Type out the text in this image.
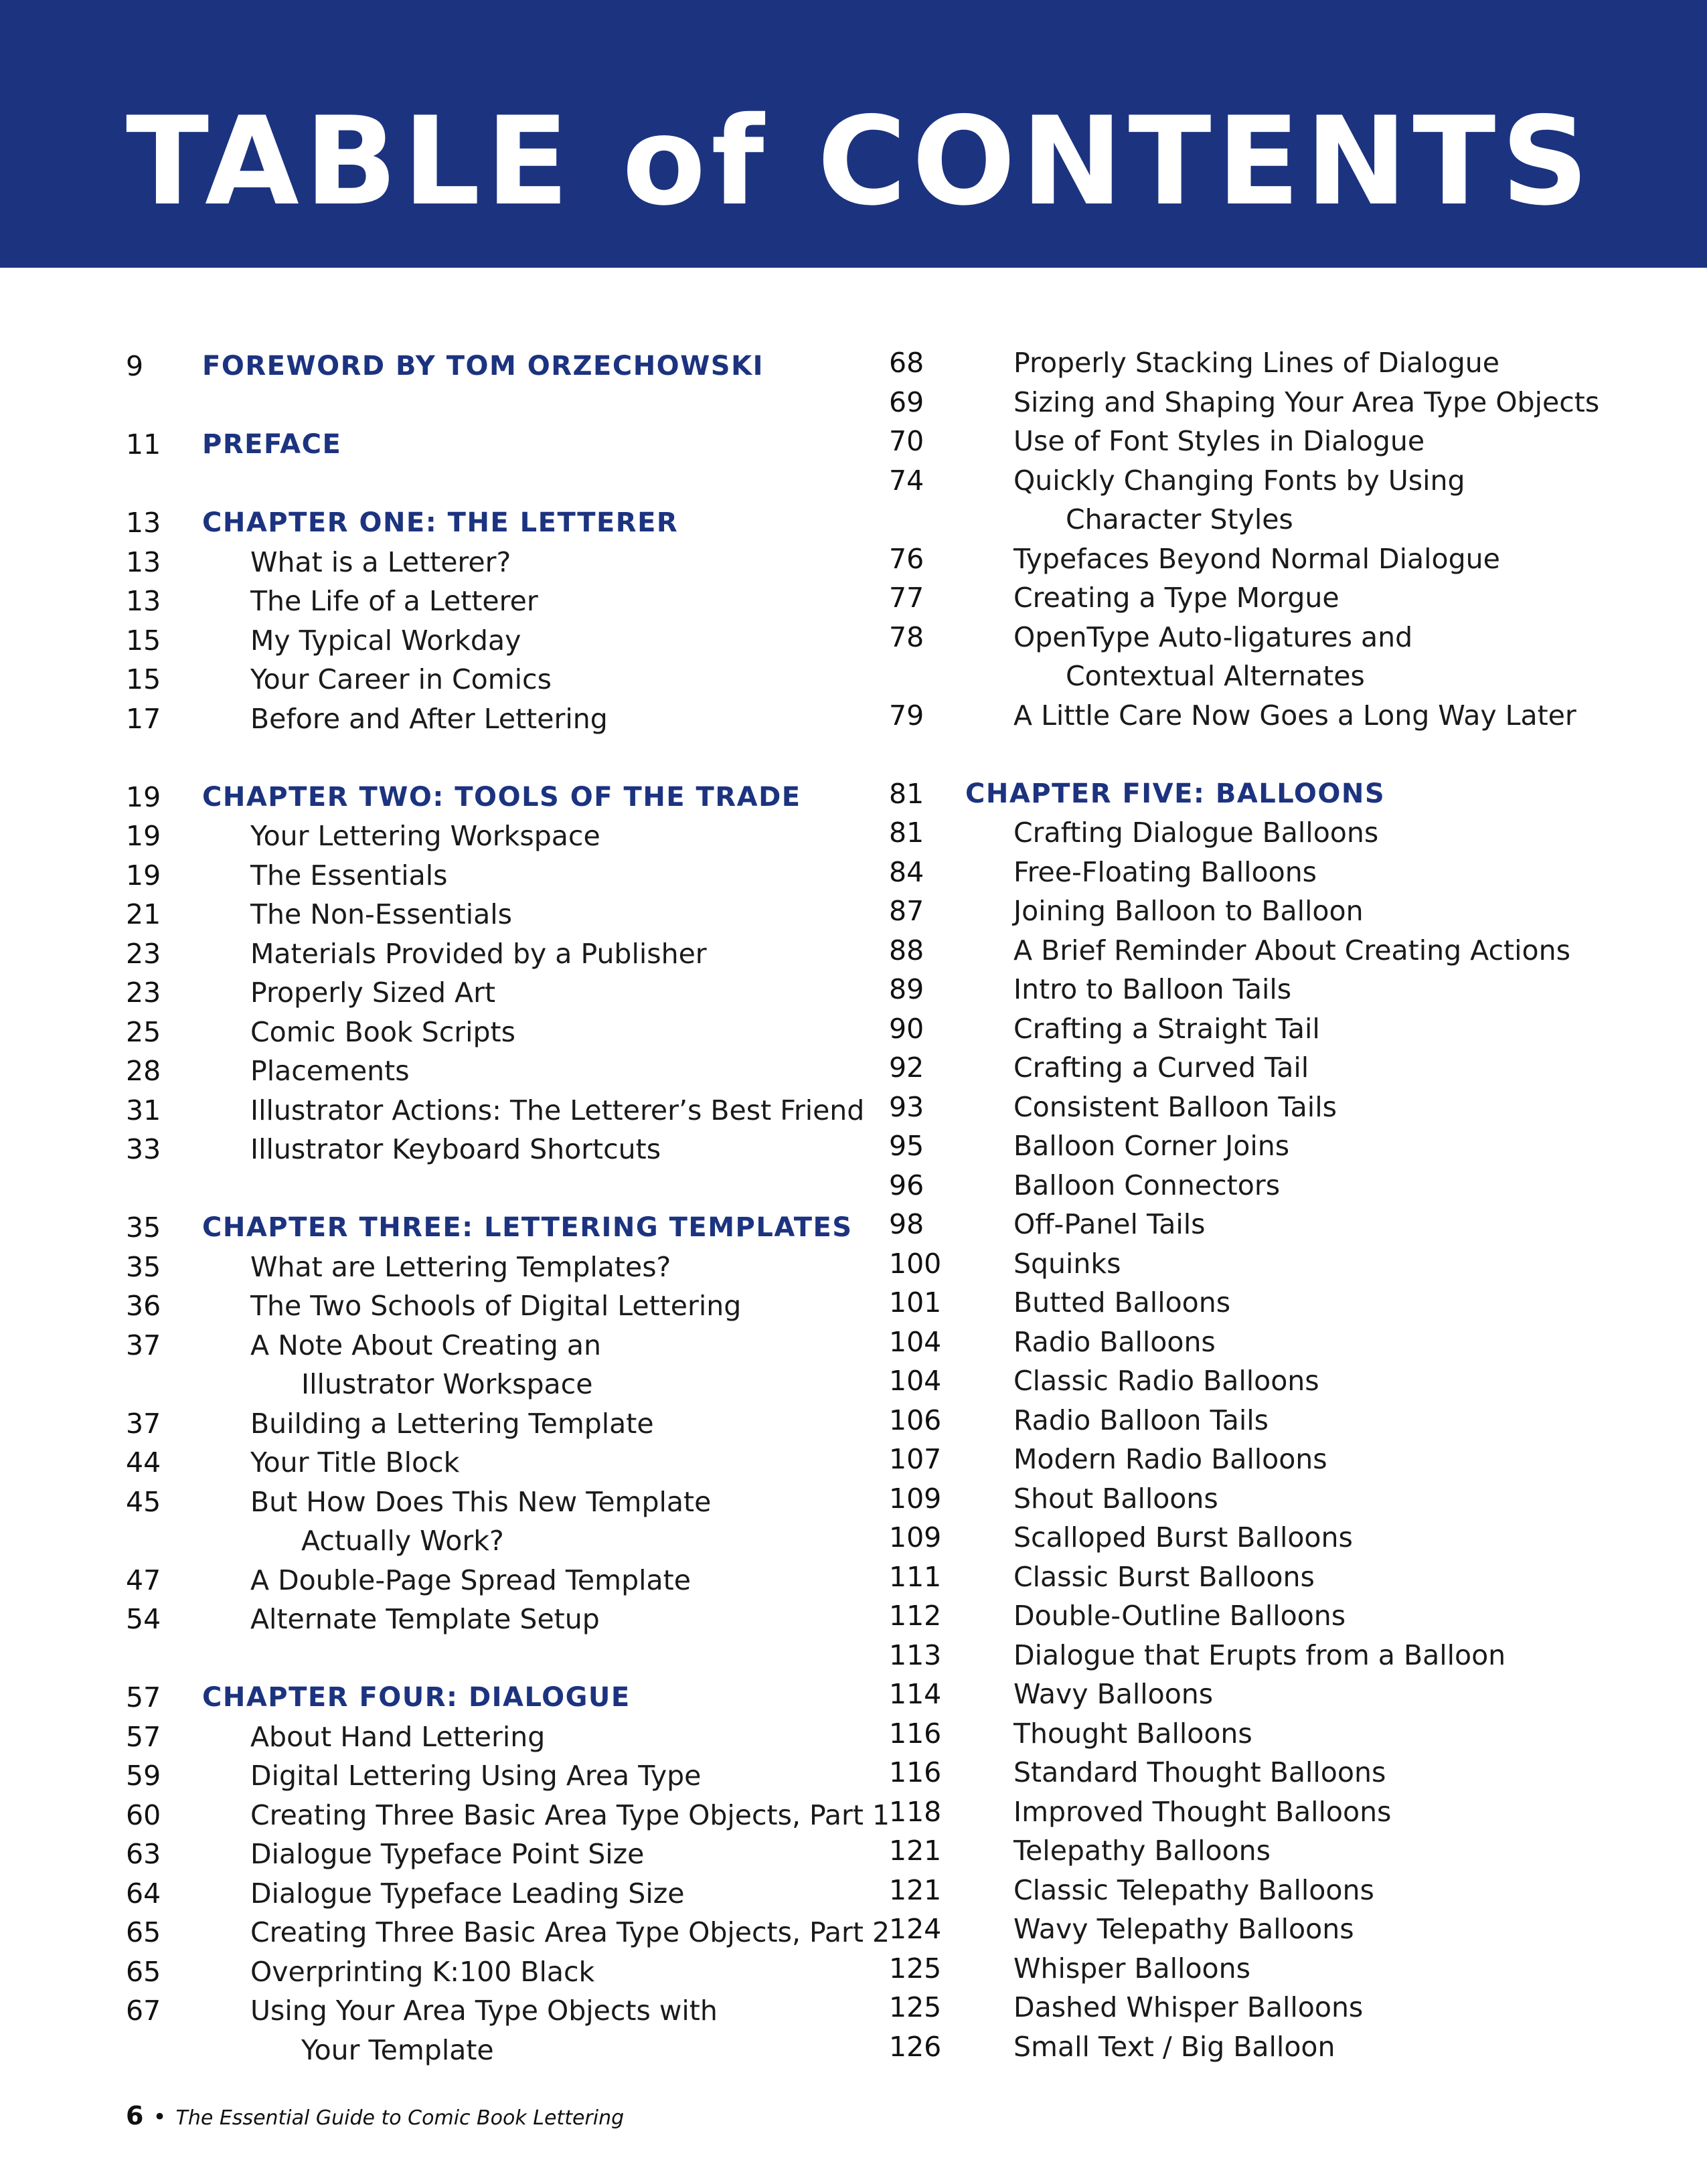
TABLE of CONTENTS
9 FOREWORD BY TOM ORZECHOWSKI
11 PREFACE
13 CHAPTER ONE: THE LETTERER
13	What is a Letterer?
13	The Life of a Letterer
15	My Typical Workday
15	Your Career in Comics
17	Before and After Lettering
19 CHAPTER TWO: TOOLS OF THE TRADE
19	Your Lettering Workspace
19	The Essentials
21	The Non-Essentials
23	Materials Provided by a Publisher
23	Properly Sized Art
25	Comic Book Scripts
28	Placements
31	Illustrator Actions: The Letterer’s Best Friend
33	Illustrator Keyboard Shortcuts
35 CHAPTER THREE: LETTERING TEMPLATES
35	What are Lettering Templates?
36	The Two Schools of Digital Lettering
37	A Note About Creating an
Illustrator Workspace
37	Building a Lettering Template
44	Your Title Block
45	But How Does This New Template
Actually Work?
47	A Double-Page Spread Template
54	Alternate Template Setup
57 CHAPTER FOUR: DIALOGUE
57	About Hand Lettering
59	Digital Lettering Using Area Type
60	Creating Three Basic Area Type Objects, Part 1
63	Dialogue Typeface Point Size
64	Dialogue Typeface Leading Size
65	Creating Three Basic Area Type Objects, Part 2
65	Overprinting K:100 Black
67	Using Your Area Type Objects with
Your Template
68	Properly Stacking Lines of Dialogue
69	Sizing and Shaping Your Area Type Objects
70	Use of Font Styles in Dialogue
74	Quickly Changing Fonts by Using
Character Styles
76	Typefaces Beyond Normal Dialogue
77	Creating a Type Morgue
78	OpenType Auto-ligatures and
Contextual Alternates
79	A Little Care Now Goes a Long Way Later
81 CHAPTER FIVE: BALLOONS
81	Crafting Dialogue Balloons
84	Free-Floating Balloons
87	Joining Balloon to Balloon
88	A Brief Reminder About Creating Actions
89	Intro to Balloon Tails
90	Crafting a Straight Tail
92	Crafting a Curved Tail
93	Consistent Balloon Tails
95	Balloon Corner Joins
96	Balloon Connectors
98	Off-Panel Tails
100	Squinks
101	Butted Balloons
104	Radio Balloons
104	Classic Radio Balloons
106	Radio Balloon Tails
107	Modern Radio Balloons
109	Shout Balloons
109	Scalloped Burst Balloons
111	Classic Burst Balloons
112	Double-Outline Balloons
113	Dialogue that Erupts from a Balloon
114	Wavy Balloons
116	Thought Balloons
116	Standard Thought Balloons
118	Improved Thought Balloons
121	Telepathy Balloons
121	Classic Telepathy Balloons
124	Wavy Telepathy Balloons
125	Whisper Balloons
125	Dashed Whisper Balloons
126	Small Text / Big Balloon
6 • The Essential Guide to Comic Book Lettering
